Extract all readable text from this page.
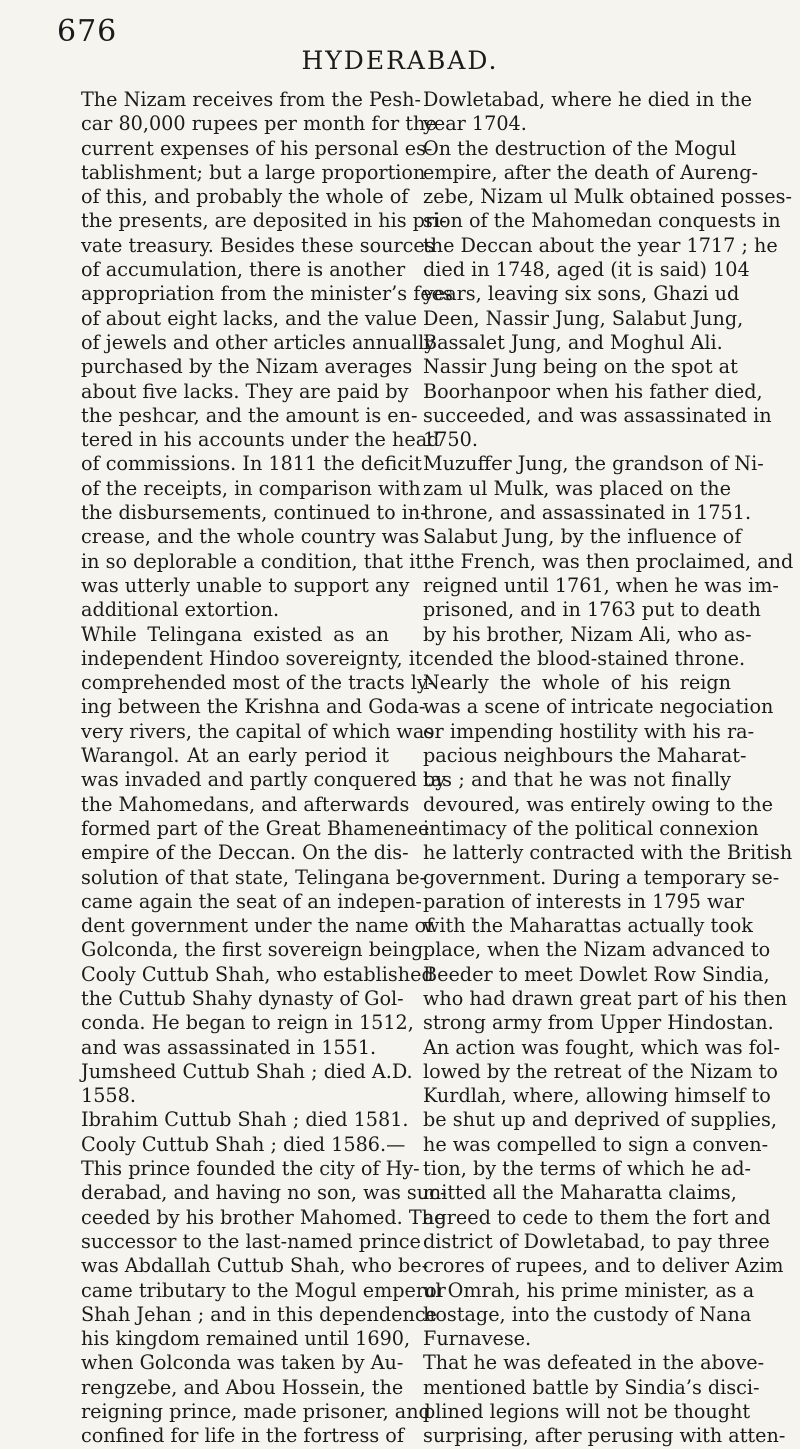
676
HYDERABAD.

The Nizam receives from the Pesh-
car 80,000 rupees per month for the
current expenses of his personal es-
tablishment; but a large proportion
of this, and probably the whole of
the presents, are deposited in his pri-
vate treasury. Besides these sources
of accumulation, there is another
appropriation from the minister’s fees
of about eight lacks, and the value
of jewels and other articles annually
purchased by the Nizam averages
about five lacks. They are paid by
the peshcar, and the amount is en-
tered in his accounts under the head
of commissions. In 1811 the deficit
of the receipts, in comparison with
the disbursements, continued to in-
crease, and the whole country was
in so deplorable a condition, that it
was utterly unable to support any
additional extortion.

While Telingana existed as an
independent Hindoo sovereignty, it
comprehended most of the tracts ly-
ing between the Krishna and Goda-
very rivers, the capital of which was
Warangol. At an early period it
was invaded and partly conquered by
the Mahomedans, and afterwards
formed part of the Great Bhamenee
empire of the Deccan. On the dis-
solution of that state, Telingana be-
came again the seat of an indepen-
dent government under the name of
Golconda, the first sovereign being
Cooly Cuttub Shah, who established
the Cuttub Shahy dynasty of Gol-
conda. He began to reign in 1512,
and was assassinated in 1551.

Jumsheed Cuttub Shah ; died A.D.
1558.

Ibrahim Cuttub Shah ; died 1581.

Cooly Cuttub Shah ; died 1586.—
This prince founded the city of Hy-
derabad, and having no son, was suc-
ceeded by his brother Mahomed. The
successor to the last-named prince
was Abdallah Cuttub Shah, who be-
came tributary to the Mogul emperor
Shah Jehan ; and in this dependence
his kingdom remained until 1690,
when Golconda was taken by Au-
rengzebe, and Abou Hossein, the
reigning prince, made prisoner, and
confined for life in the fortress of

Dowletabad, where he died in the
year 1704.

On the destruction of the Mogul
empire, after the death of Aureng-
zebe, Nizam ul Mulk obtained posses-
sion of the Mahomedan conquests in
the Deccan about the year 1717 ; he
died in 1748, aged (it is said) 104
years, leaving six sons, Ghazi ud
Deen, Nassir Jung, Salabut Jung,
Bassalet Jung, and Moghul Ali.

Nassir Jung being on the spot at
Boorhanpoor when his father died,
succeeded, and was assassinated in
1750.

Muzuffer Jung, the grandson of Ni-
zam ul Mulk, was placed on the
throne, and assassinated in 1751.

Salabut Jung, by the influence of
the French, was then proclaimed, and
reigned until 1761, when he was im-
prisoned, and in 1763 put to death
by his brother, Nizam Ali, who as-
cended the blood-stained throne.
Nearly the whole of his reign
was a scene of intricate negociation
or impending hostility with his ra-
pacious neighbours the Maharat-
tas ; and that he was not finally
devoured, was entirely owing to the
intimacy of the political connexion
he latterly contracted with the British
government. During a temporary se-
paration of interests in 1795 war
with the Maharattas actually took
place, when the Nizam advanced to
Beeder to meet Dowlet Row Sindia,
who had drawn great part of his then
strong army from Upper Hindostan.
An action was fought, which was fol-
lowed by the retreat of the Nizam to
Kurdlah, where, allowing himself to
be shut up and deprived of supplies,
he was compelled to sign a conven-
tion, by the terms of which he ad-
mitted all the Maharatta claims,
agreed to cede to them the fort and
district of Dowletabad, to pay three
crores of rupees, and to deliver Azim
ul Omrah, his prime minister, as a
hostage, into the custody of Nana
Furnavese.

That he was defeated in the above-
mentioned battle by Sindia’s disci-
plined legions will not be thought
surprising, after perusing with atten-
